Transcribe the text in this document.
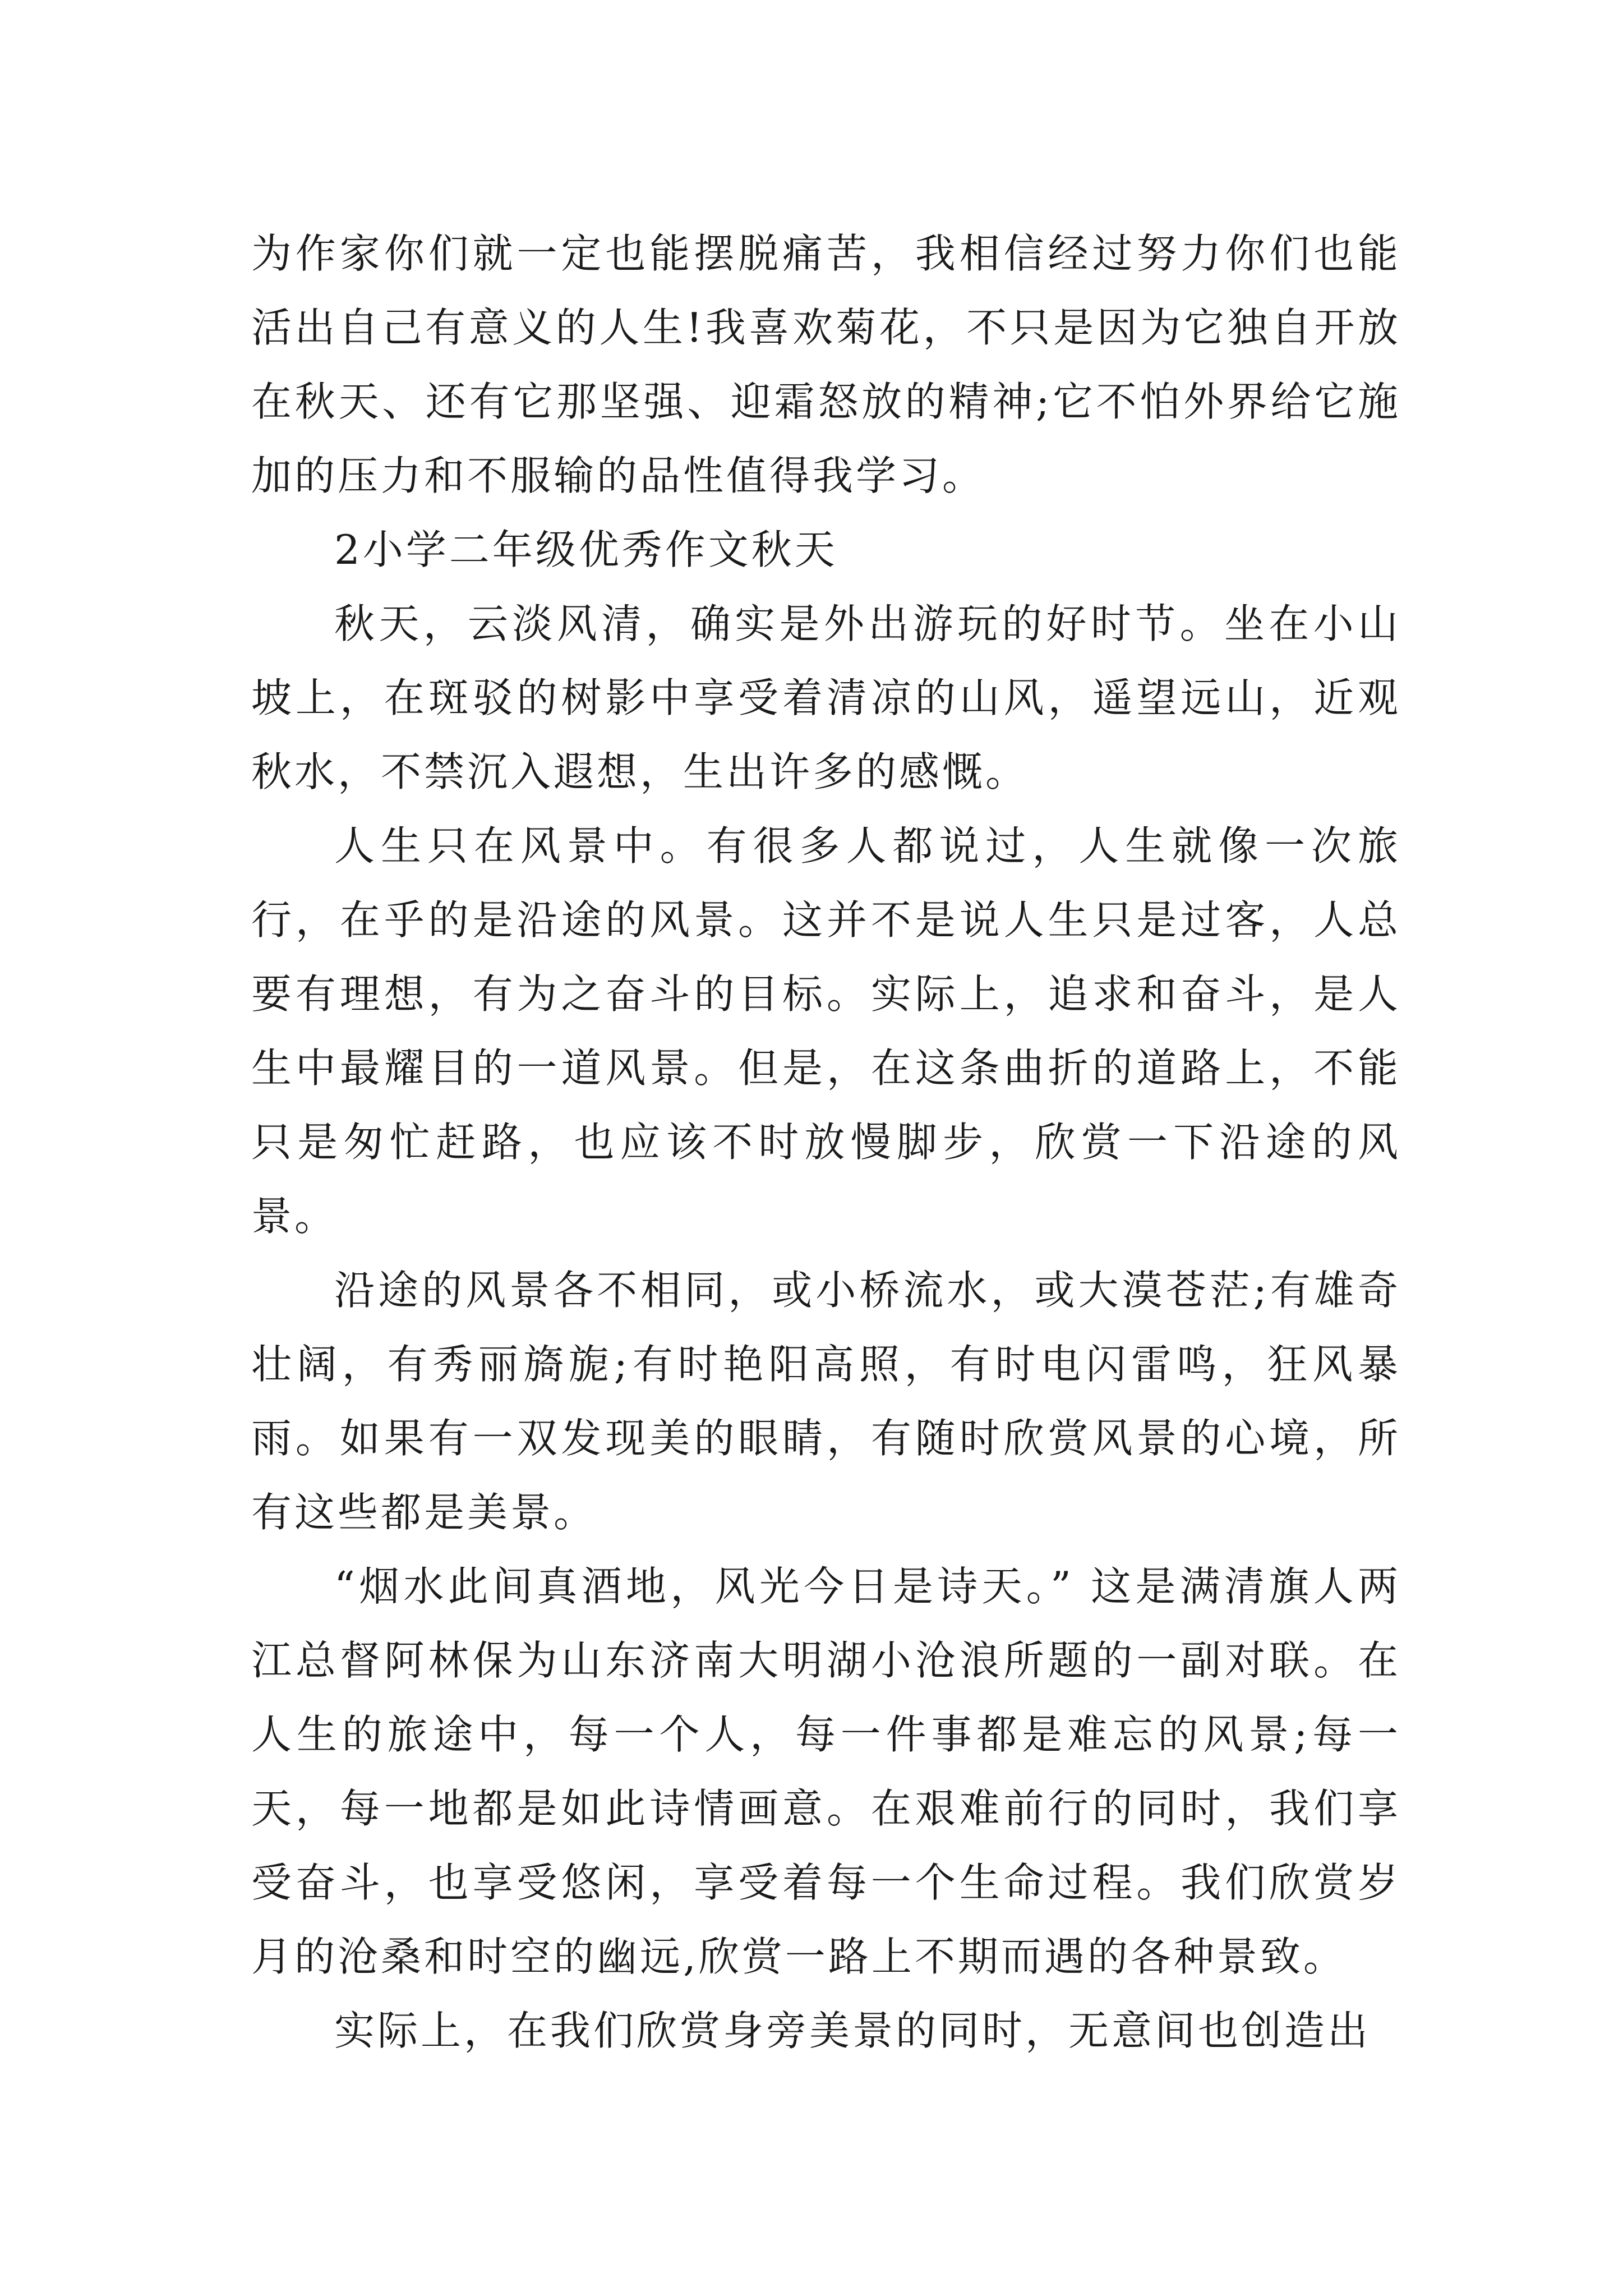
为作家你们就一定也能摆脱痛苦，我相信经过努力你们也能活出自己有意义的人生!我喜欢菊花，不只是因为它独自开放在秋天、还有它那坚强、迎霜怒放的精神;它不怕外界给它施加的压力和不服输的品性值得我学习。

2小学二年级优秀作文秋天

秋天，云淡风清，确实是外出游玩的好时节。坐在小山坡上，在斑驳的树影中享受着清凉的山风，遥望远山，近观秋水，不禁沉入遐想，生出许多的感慨。

人生只在风景中。有很多人都说过，人生就像一次旅行，在乎的是沿途的风景。这并不是说人生只是过客，人总要有理想，有为之奋斗的目标。实际上，追求和奋斗，是人生中最耀目的一道风景。但是，在这条曲折的道路上，不能只是匆忙赶路，也应该不时放慢脚步，欣赏一下沿途的风景。

沿途的风景各不相同，或小桥流水，或大漠苍茫;有雄奇壮阔，有秀丽旖旎;有时艳阳高照，有时电闪雷鸣，狂风暴雨。如果有一双发现美的眼睛，有随时欣赏风景的心境，所有这些都是美景。

“烟水此间真酒地，风光今日是诗天。” 这是满清旗人两江总督阿林保为山东济南大明湖小沧浪所题的一副对联。在人生的旅途中，每一个人，每一件事都是难忘的风景;每一天，每一地都是如此诗情画意。在艰难前行的同时，我们享受奋斗，也享受悠闲，享受着每一个生命过程。我们欣赏岁月的沧桑和时空的幽远,欣赏一路上不期而遇的各种景致。

实际上，在我们欣赏身旁美景的同时，无意间也创造出
